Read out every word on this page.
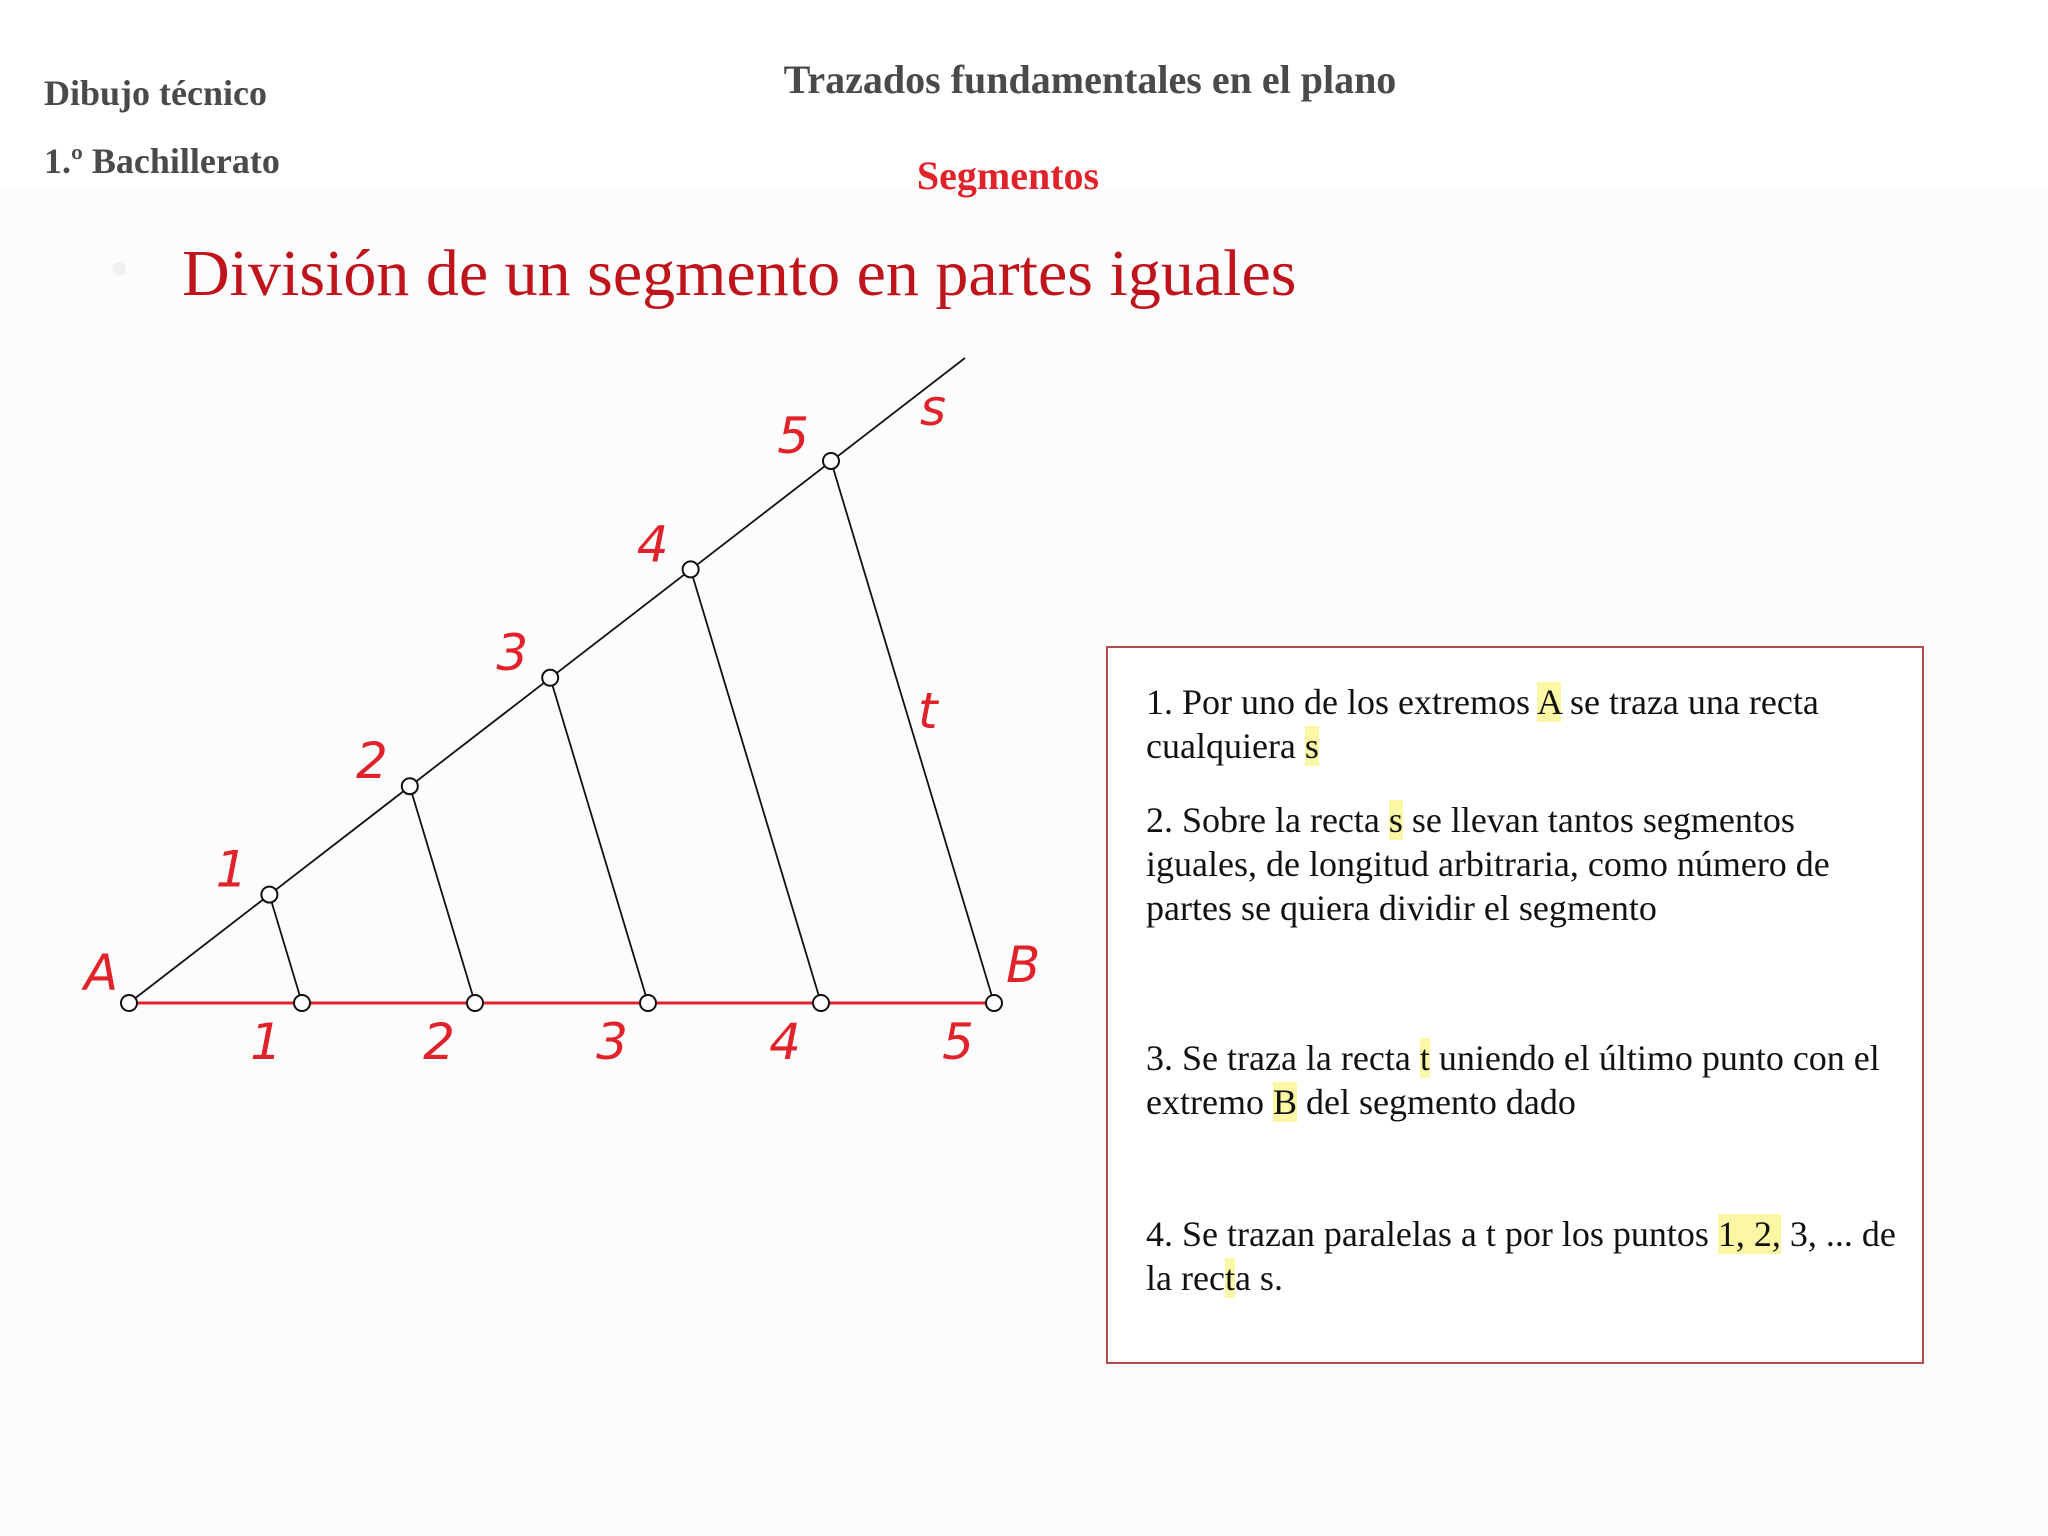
Dibujo técnico
1.º Bachillerato
Trazados fundamentales en el plano
Segmentos
División de un segmento en partes iguales
s
t
A	B
1
2
3
4
5
1	2	3	4	5
1. Por uno de los extremos A se traza una recta cualquiera s
2. Sobre la recta s se llevan tantos segmentos iguales, de longitud arbitraria, como número de partes se quiera dividir el segmento
3. Se traza la recta t uniendo el último punto con el extremo B del segmento dado
4. Se trazan paralelas a t por los puntos 1, 2, 3, ... de la recta s.
